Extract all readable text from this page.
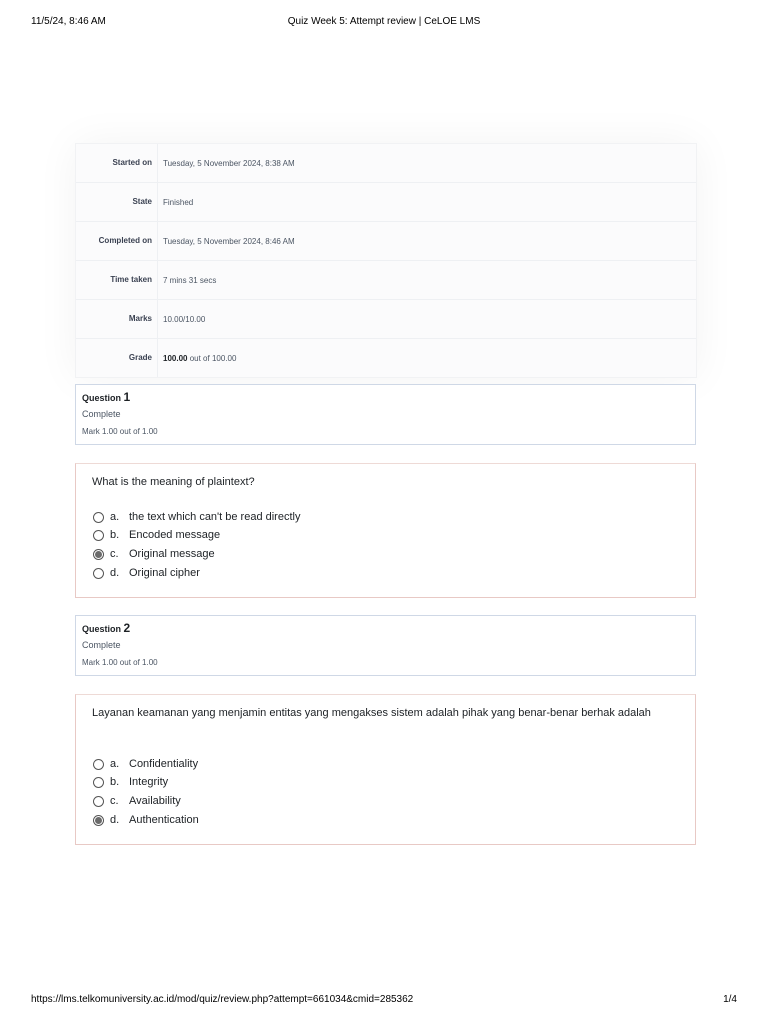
11/5/24, 8:46 AM	Quiz Week 5: Attempt review | CeLOE LMS
Started on	Tuesday, 5 November 2024, 8:38 AM
State	Finished
Completed on	Tuesday, 5 November 2024, 8:46 AM
Time taken	7 mins 31 secs
Marks	10.00/10.00
Grade	100.00 out of 100.00
Question 1
Complete
Mark 1.00 out of 1.00
What is the meaning of plaintext?
a. the text which can't be read directly
b. Encoded message
c. Original message
d. Original cipher
Question 2
Complete
Mark 1.00 out of 1.00
Layanan keamanan yang menjamin entitas yang mengakses sistem adalah pihak yang benar-benar berhak adalah
a. Confidentiality
b. Integrity
c. Availability
d. Authentication
https://lms.telkomuniversity.ac.id/mod/quiz/review.php?attempt=661034&cmid=285362	1/4
